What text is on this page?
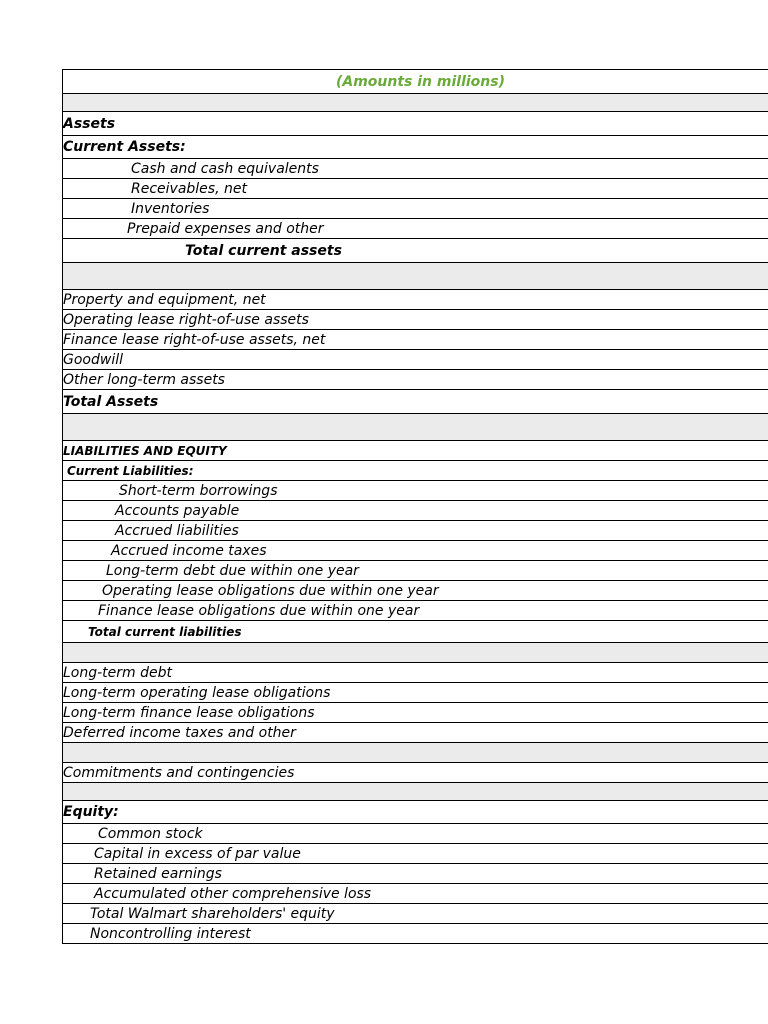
(Amounts in millions)
Assets
Current Assets:
Cash and cash equivalents
Receivables, net
Inventories
Prepaid expenses and other
Total current assets
Property and equipment, net
Operating lease right-of-use assets
Finance lease right-of-use assets, net
Goodwill
Other long-term assets
Total Assets
LIABILITIES AND EQUITY
Current Liabilities:
Short-term borrowings
Accounts payable
Accrued liabilities
Accrued income taxes
Long-term debt due within one year
Operating lease obligations due within one year
Finance lease obligations due within one year
Total current liabilities
Long-term debt
Long-term operating lease obligations
Long-term finance lease obligations
Deferred income taxes and other
Commitments and contingencies
Equity:
Common stock
Capital in excess of par value
Retained earnings
Accumulated other comprehensive loss
Total Walmart shareholders' equity
Noncontrolling interest
